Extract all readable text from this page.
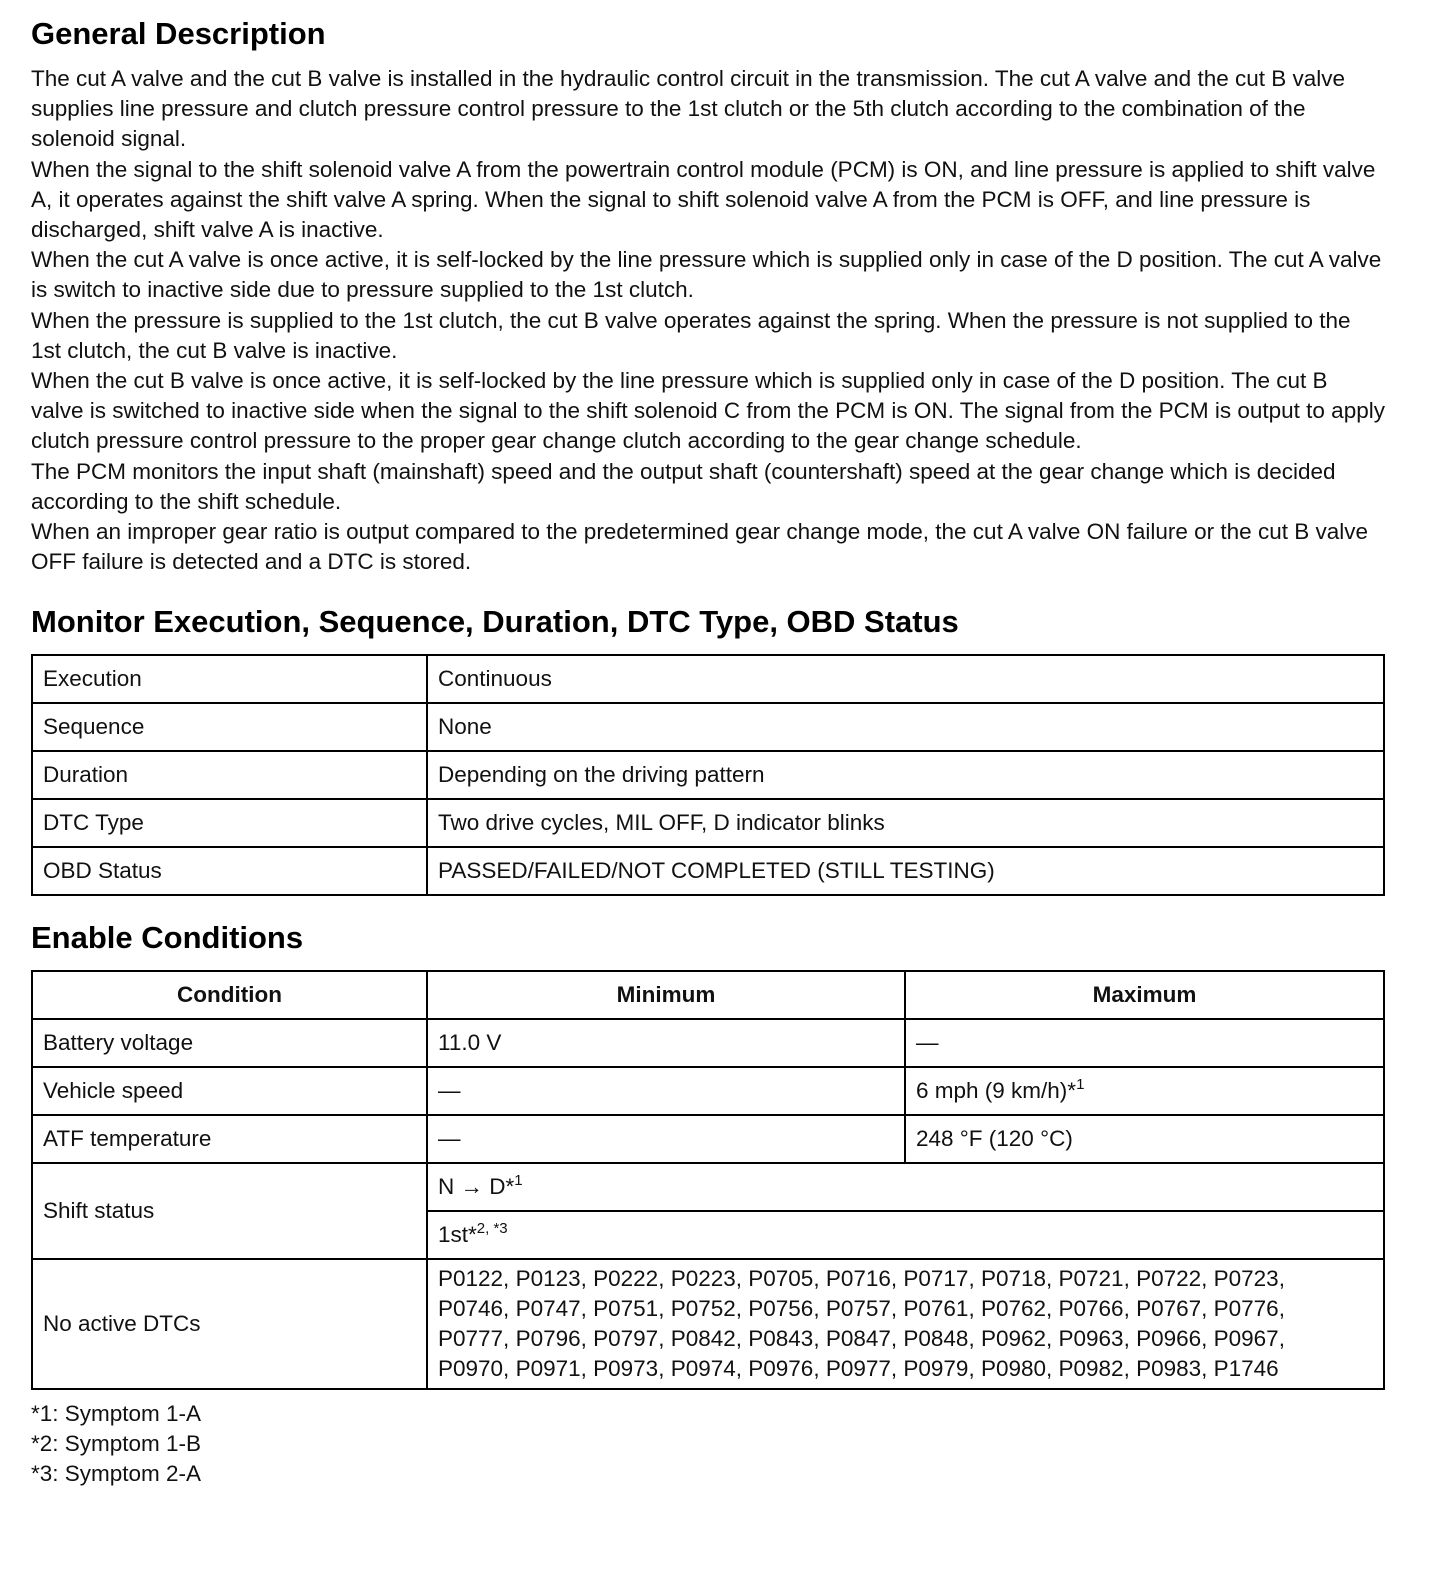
General Description

The cut A valve and the cut B valve is installed in the hydraulic control circuit in the transmission. The cut A valve and the cut B valve supplies line pressure and clutch pressure control pressure to the 1st clutch or the 5th clutch according to the combination of the solenoid signal.

When the signal to the shift solenoid valve A from the powertrain control module (PCM) is ON, and line pressure is applied to shift valve A, it operates against the shift valve A spring. When the signal to shift solenoid valve A from the PCM is OFF, and line pressure is discharged, shift valve A is inactive.

When the cut A valve is once active, it is self-locked by the line pressure which is supplied only in case of the D position. The cut A valve is switch to inactive side due to pressure supplied to the 1st clutch.

When the pressure is supplied to the 1st clutch, the cut B valve operates against the spring. When the pressure is not supplied to the 1st clutch, the cut B valve is inactive.

When the cut B valve is once active, it is self-locked by the line pressure which is supplied only in case of the D position. The cut B valve is switched to inactive side when the signal to the shift solenoid C from the PCM is ON. The signal from the PCM is output to apply clutch pressure control pressure to the proper gear change clutch according to the gear change schedule.

The PCM monitors the input shaft (mainshaft) speed and the output shaft (countershaft) speed at the gear change which is decided according to the shift schedule.

When an improper gear ratio is output compared to the predetermined gear change mode, the cut A valve ON failure or the cut B valve OFF failure is detected and a DTC is stored.

Monitor Execution, Sequence, Duration, DTC Type, OBD Status
Execution	Continuous
Sequence	None
Duration	Depending on the driving pattern
DTC Type	Two drive cycles, MIL OFF, D indicator blinks
OBD Status	PASSED/FAILED/NOT COMPLETED (STILL TESTING)
Enable Conditions
Condition	Minimum	Maximum
Battery voltage	11.0 V	—
Vehicle speed	—	6 mph (9 km/h)*$^1$
ATF temperature	—	248 °F (120 °C)
Shift status	N → D*$^1$
	1st*$^{2, *3}$
No active DTCs	P0122, P0123, P0222, P0223, P0705, P0716, P0717, P0718, P0721, P0722, P0723,
P0746, P0747, P0751, P0752, P0756, P0757, P0761, P0762, P0766, P0767, P0776,
P0777, P0796, P0797, P0842, P0843, P0847, P0848, P0962, P0963, P0966, P0967,
P0970, P0971, P0973, P0974, P0976, P0977, P0979, P0980, P0982, P0983, P1746	
*1: Symptom 1-A
*2: Symptom 1-B
*3: Symptom 2-A
